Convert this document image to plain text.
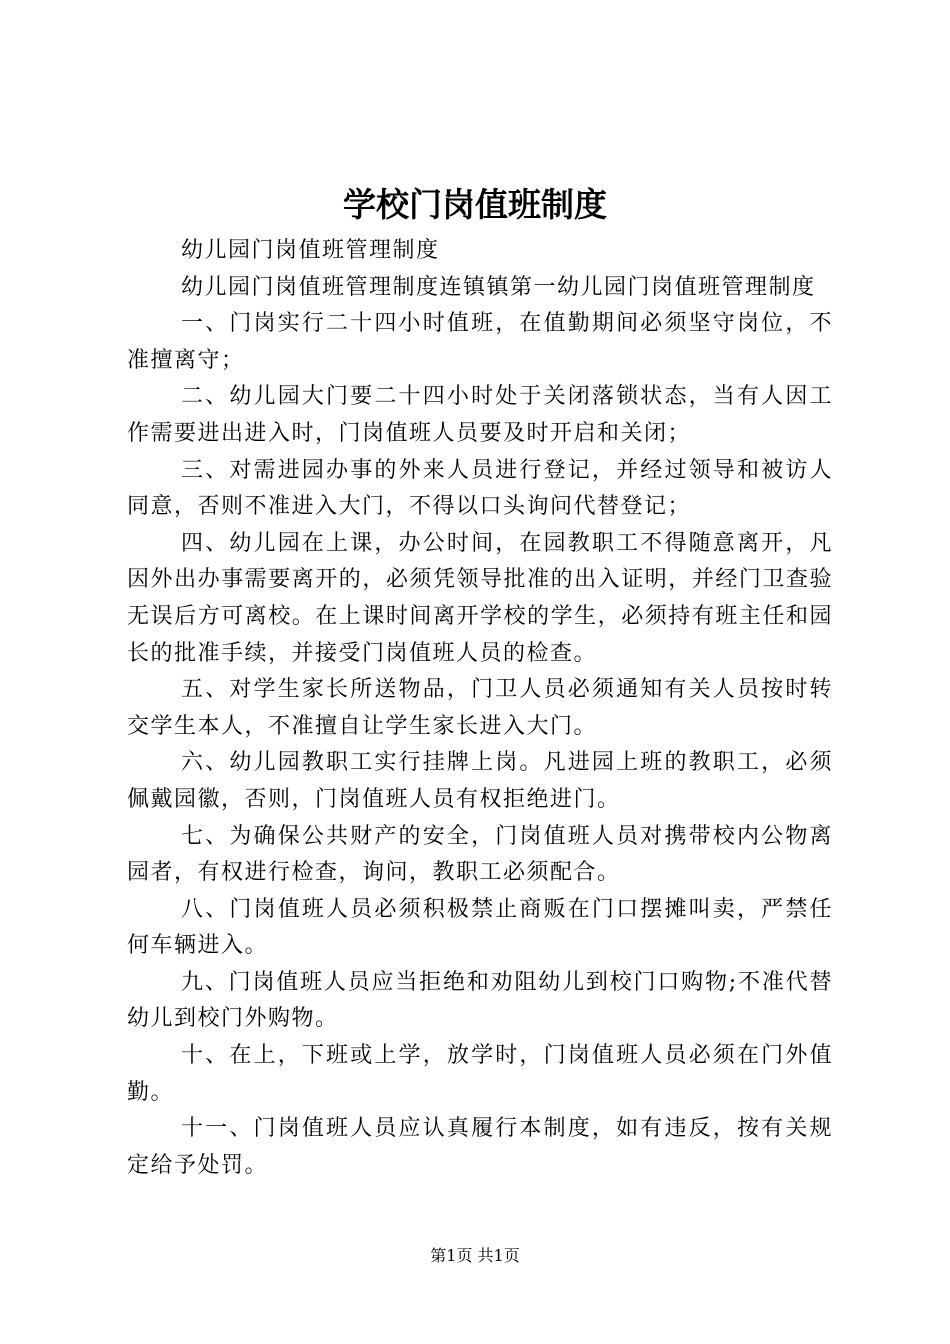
学校门岗值班制度

幼儿园门岗值班管理制度

幼儿园门岗值班管理制度连镇镇第一幼儿园门岗值班管理制度

一、门岗实行二十四小时值班，在值勤期间必须坚守岗位，不准擅离守；

二、幼儿园大门要二十四小时处于关闭落锁状态，当有人因工作需要进出进入时，门岗值班人员要及时开启和关闭；

三、对需进园办事的外来人员进行登记，并经过领导和被访人同意，否则不准进入大门，不得以口头询问代替登记；

四、幼儿园在上课，办公时间，在园教职工不得随意离开，凡因外出办事需要离开的，必须凭领导批准的出入证明，并经门卫查验无误后方可离校。在上课时间离开学校的学生，必须持有班主任和园长的批准手续，并接受门岗值班人员的检查。

五、对学生家长所送物品，门卫人员必须通知有关人员按时转交学生本人，不准擅自让学生家长进入大门。

六、幼儿园教职工实行挂牌上岗。凡进园上班的教职工，必须佩戴园徽，否则，门岗值班人员有权拒绝进门。

七、为确保公共财产的安全，门岗值班人员对携带校内公物离园者，有权进行检查，询问，教职工必须配合。

八、门岗值班人员必须积极禁止商贩在门口摆摊叫卖，严禁任何车辆进入。

九、门岗值班人员应当拒绝和劝阻幼儿到校门口购物;不准代替幼儿到校门外购物。

十、在上，下班或上学，放学时，门岗值班人员必须在门外值勤。

十一、门岗值班人员应认真履行本制度，如有违反，按有关规定给予处罚。

第1页 共1页
